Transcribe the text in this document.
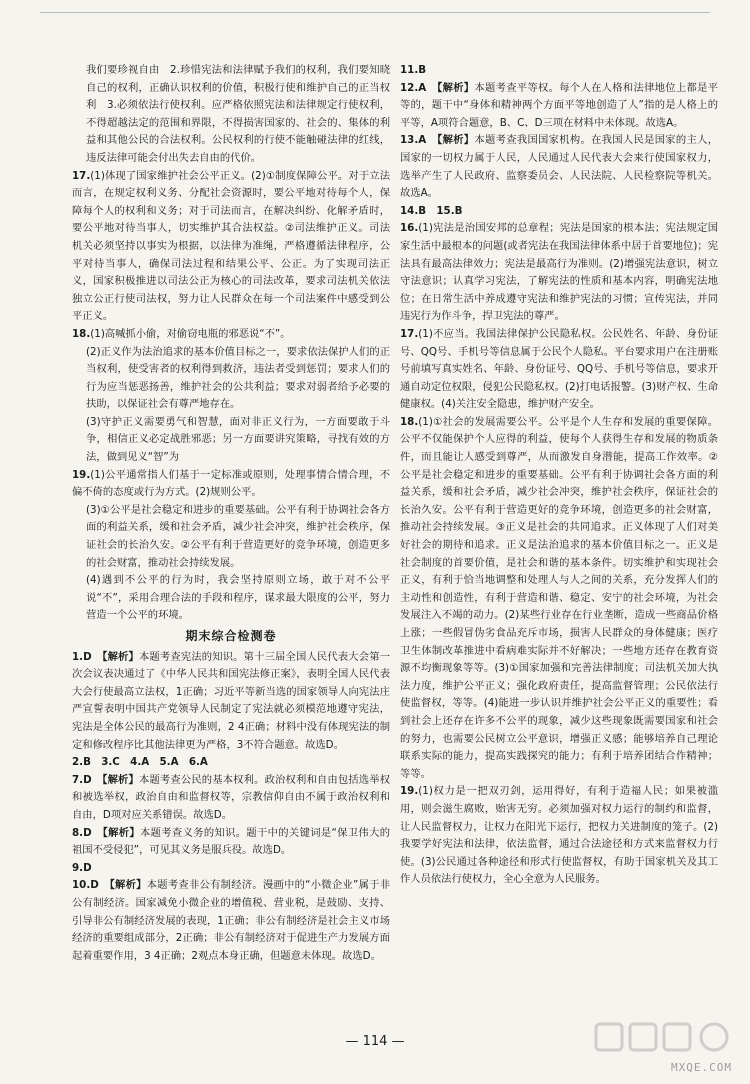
我们要珍视自由　2.珍惜宪法和法律赋予我们的权利，我们要知晓自己的权利，正确认识权利的价值，积极行使和维护自己的正当权利　3.必须依法行使权利。应严格依照宪法和法律规定行使权利，不得超越法定的范围和界限，不得损害国家的、社会的、集体的利益和其他公民的合法权利。公民权利的行使不能触碰法律的红线，违反法律可能会付出失去自由的代价。

17.(1)体现了国家维护社会公平正义。(2)①制度保障公平。对于立法而言，在规定权利义务、分配社会资源时，要公平地对待每个人，保障每个人的权利和义务；对于司法而言，在解决纠纷、化解矛盾时，要公平地对待当事人，切实维护其合法权益。②司法维护正义。司法机关必须坚持以事实为根据，以法律为准绳，严格遵循法律程序，公平对待当事人，确保司法过程和结果公平、公正。为了实现司法正义，国家积极推进以司法公正为核心的司法改革，要求司法机关依法独立公正行使司法权，努力让人民群众在每一个司法案件中感受到公平正义。

18.(1)高喊抓小偷，对偷窃电瓶的邪恶说“不”。

(2)正义作为法治追求的基本价值目标之一，要求依法保护人们的正当权利，使受害者的权利得到救济，违法者受到惩罚；要求人们的行为应当惩恶扬善，维护社会的公共利益；要求对弱者给予必要的扶助，以保证社会有尊严地存在。

(3)守护正义需要勇气和智慧，面对非正义行为，一方面要敢于斗争，相信正义必定战胜邪恶；另一方面要讲究策略，寻找有效的方法，做到见义“智”为

19.(1)公平通常指人们基于一定标准或原则，处理事情合情合理，不偏不倚的态度或行为方式。(2)规则公平。

(3)①公平是社会稳定和进步的重要基础。公平有利于协调社会各方面的利益关系，缓和社会矛盾，减少社会冲突，维护社会秩序，保证社会的长治久安。②公平有利于营造更好的竞争环境，创造更多的社会财富，推动社会持续发展。

(4)遇到不公平的行为时，我会坚持原则立场，敢于对不公平说“不”，采用合理合法的手段和程序，谋求最大限度的公平，努力营造一个公平的环境。

期末综合检测卷

1.D　 【解析】本题考查宪法的知识。第十三届全国人民代表大会第一次会议表决通过了《中华人民共和国宪法修正案》，表明全国人民代表大会行使最高立法权，1正确；习近平等新当选的国家领导人向宪法庄严宣誓表明中国共产党领导人民制定了宪法就必须模范地遵守宪法，宪法是全体公民的最高行为准则，2 4正确；材料中没有体现宪法的制定和修改程序比其他法律更为严格，3不符合题意。故选D。

2.B　3.C　4.A　5.A　6.A

7.D　 【解析】本题考查公民的基本权利。政治权利和自由包括选举权和被选举权，政治自由和监督权等，宗教信仰自由不属于政治权利和自由，D项对应关系错误。故选D。

8.D　 【解析】本题考查义务的知识。题干中的关键词是“保卫伟大的祖国不受侵犯”，可见其义务是服兵役。故选D。

9.D

10.D　 【解析】本题考查非公有制经济。漫画中的“小微企业”属于非公有制经济。国家减免小微企业的增值税、营业税，是鼓励、支持、引导非公有制经济发展的表现，1正确；非公有制经济是社会主义市场经济的重要组成部分，2正确；非公有制经济对于促进生产力发展方面起着重要作用，3 4正确；2观点本身正确，但题意未体现。故选D。

11.B

12.A　 【解析】本题考查平等权。每个人在人格和法律地位上都是平等的，题干中“身体和精神两个方面平等地创造了人”指的是人格上的平等，A项符合题意，B、C、D三项在材料中未体现。故选A。

13.A　 【解析】本题考查我国国家机构。在我国人民是国家的主人，国家的一切权力属于人民，人民通过人民代表大会来行使国家权力，选举产生了人民政府、监察委员会、人民法院、人民检察院等机关。故选A。

14.B　15.B

16.(1)宪法是治国安邦的总章程；宪法是国家的根本法；宪法规定国家生活中最根本的问题(或者宪法在我国法律体系中居于首要地位)；宪法具有最高法律效力；宪法是最高行为准则。(2)增强宪法意识，树立守法意识；认真学习宪法，了解宪法的性质和基本内容，明确宪法地位；在日常生活中养成遵守宪法和维护宪法的习惯；宣传宪法，并同违宪行为作斗争，捍卫宪法的尊严。

17.(1)不应当。我国法律保护公民隐私权。公民姓名、年龄、身份证号、QQ号、手机号等信息属于公民个人隐私。平台要求用户在注册账号前填写真实姓名、年龄、身份证号、QQ号、手机号等信息，要求开通自动定位权限，侵犯公民隐私权。(2)打电话报警。(3)财产权、生命健康权。(4)关注安全隐患，维护财产安全。

18.(1)①社会的发展需要公平。公平是个人生存和发展的重要保障。公平不仅能保护个人应得的利益，使每个人获得生存和发展的物质条件，而且能让人感受到尊严，从而激发自身潜能，提高工作效率。②公平是社会稳定和进步的重要基础。公平有利于协调社会各方面的利益关系，缓和社会矛盾，减少社会冲突，维护社会秩序，保证社会的长治久安。公平有利于营造更好的竞争环境，创造更多的社会财富，推动社会持续发展。③正义是社会的共同追求。正义体现了人们对美好社会的期待和追求。正义是法治追求的基本价值目标之一。正义是社会制度的首要价值，是社会和谐的基本条件。切实维护和实现社会正义，有利于恰当地调整和处理人与人之间的关系，充分发挥人们的主动性和创造性，有利于营造和谐、稳定、安宁的社会环境，为社会发展注入不竭的动力。(2)某些行业存在行业垄断，造成一些商品价格上涨；一些假冒伪劣食品充斥市场，损害人民群众的身体健康；医疗卫生体制改革推进中看病难实际并不好解决；一些地方还存在教育资源不均衡现象等等。(3)①国家加强和完善法律制度；司法机关加大执法力度，维护公平正义；强化政府责任，提高监督管理；公民依法行使监督权，等等。(4)能进一步认识并维护社会公平正义的重要性；看到社会上还存在许多不公平的现象，减少这些现象既需要国家和社会的努力，也需要公民树立公平意识，增强正义感；能够培养自己理论联系实际的能力，提高实践探究的能力；有利于培养团结合作精神；等等。

19.(1)权力是一把双刃剑，运用得好，有利于造福人民；如果被滥用，则会滋生腐败，贻害无穷。必须加强对权力运行的制约和监督，让人民监督权力，让权力在阳光下运行，把权力关进制度的笼子。(2)我要学好宪法和法律，依法监督，通过合法途径和方式来监督权力行使。(3)公民通过各种途径和形式行使监督权，有助于国家机关及其工作人员依法行使权力，全心全意为人民服务。

— 114 —
MXQE.COM
